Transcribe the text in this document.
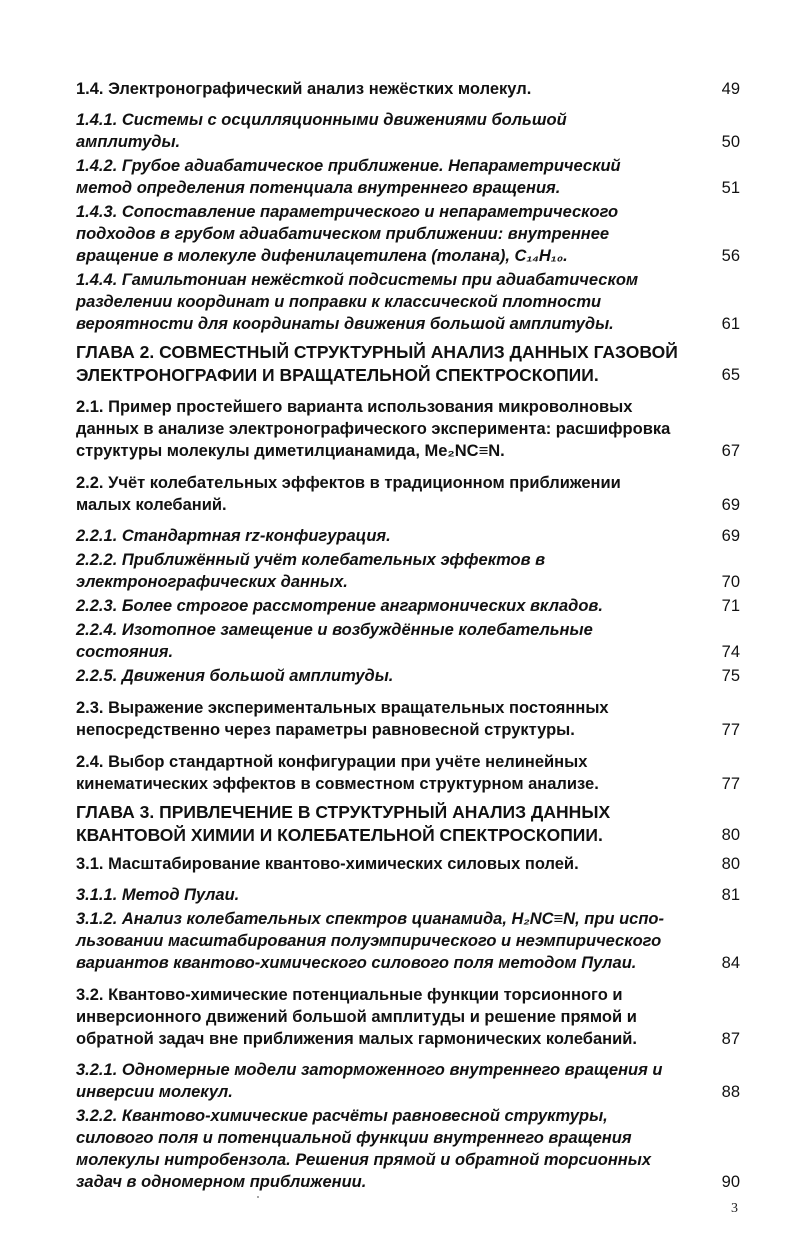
1.4. Электронографический анализ нежёстких молекул.	49
1.4.1. Системы с осцилляционными движениями большой
амплитуды.	50
1.4.2. Грубое адиабатическое приближение. Непараметрический
метод определения потенциала внутреннего вращения.	51
1.4.3. Сопоставление параметрического и непараметрического
подходов в грубом адиабатическом приближении: внутреннее
вращение в молекуле дифенилацетилена (толана), C₁₄H₁₀.	56
1.4.4. Гамильтониан нежёсткой подсистемы при адиабатическом
разделении координат и поправки к классической плотности
вероятности для координаты движения большой амплитуды.	61
ГЛАВА 2. СОВМЕСТНЫЙ СТРУКТУРНЫЙ АНАЛИЗ ДАННЫХ ГАЗОВОЙ
ЭЛЕКТРОНОГРАФИИ И ВРАЩАТЕЛЬНОЙ СПЕКТРОСКОПИИ.	65
2.1. Пример простейшего варианта использования микроволновых
данных в анализе электронографического эксперимента: расшифровка
структуры молекулы диметилцианамида, Me₂NC≡N.	67
2.2. Учёт колебательных эффектов в традиционном приближении
малых колебаний.	69
2.2.1. Стандартная rz-конфигурация.	69
2.2.2. Приближённый учёт колебательных эффектов в
электронографических данных.	70
2.2.3. Более строгое рассмотрение ангармонических вкладов.	71
2.2.4. Изотопное замещение и возбуждённые колебательные
состояния.	74
2.2.5. Движения большой амплитуды.	75
2.3. Выражение экспериментальных вращательных постоянных
непосредственно через параметры равновесной структуры.	77
2.4. Выбор стандартной конфигурации при учёте нелинейных
кинематических эффектов в совместном структурном анализе.	77
ГЛАВА 3. ПРИВЛЕЧЕНИЕ В СТРУКТУРНЫЙ АНАЛИЗ ДАННЫХ
КВАНТОВОЙ ХИМИИ И КОЛЕБАТЕЛЬНОЙ СПЕКТРОСКОПИИ.	80
3.1. Масштабирование квантово-химических силовых полей.	80
3.1.1. Метод Пулаи.	81
3.1.2. Анализ колебательных спектров цианамида, H₂NC≡N, при испо-
льзовании масштабирования полуэмпирического и неэмпирического
вариантов квантово-химического силового поля методом Пулаи.	84
3.2. Квантово-химические потенциальные функции торсионного и
инверсионного движений большой амплитуды и решение прямой и
обратной задач вне приближения малых гармонических колебаний.	87
3.2.1. Одномерные модели заторможенного внутреннего вращения и
инверсии молекул.	88
3.2.2. Квантово-химические расчёты равновесной структуры,
силового поля и потенциальной функции внутреннего вращения
молекулы нитробензола. Решения прямой и обратной торсионных
задач в одномерном приближении.	90
3
